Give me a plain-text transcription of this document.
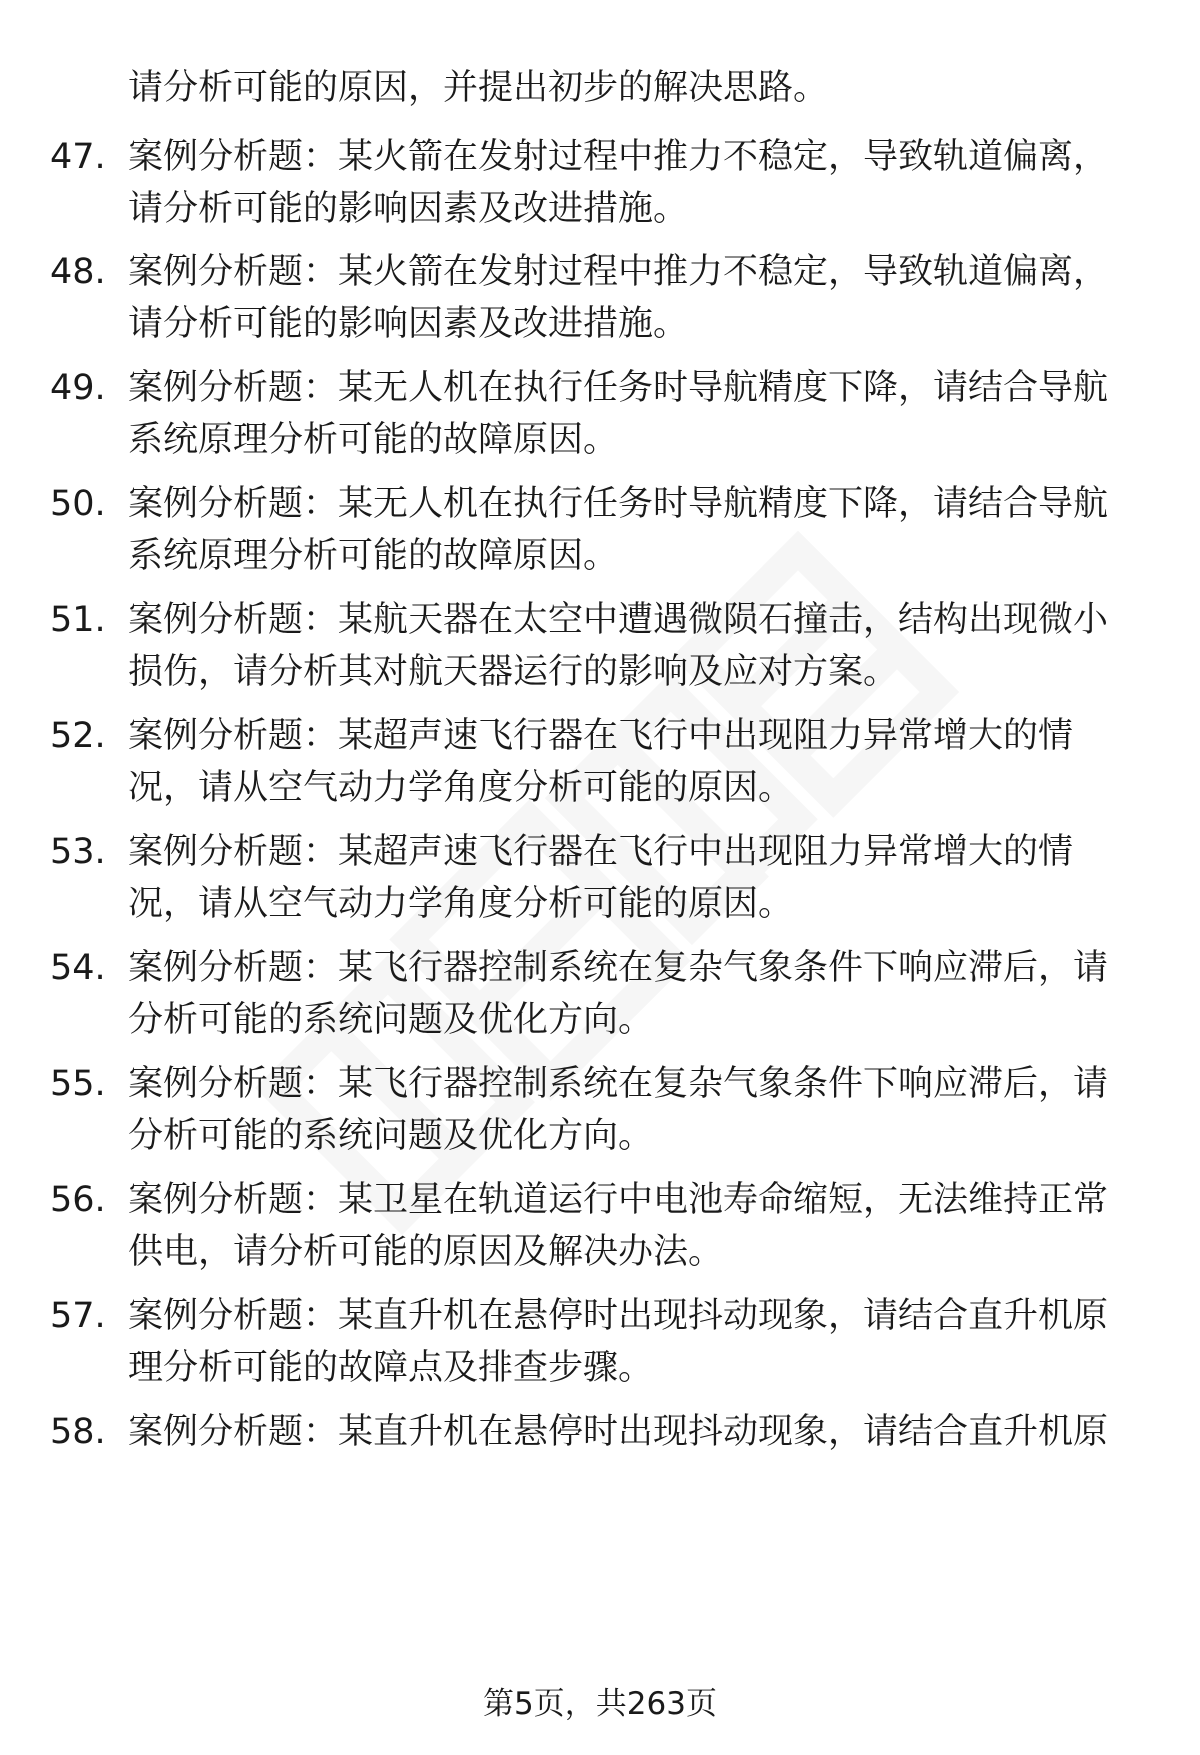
请分析可能的原因，并提出初步的解决思路。
47. 案例分析题：某火箭在发射过程中推力不稳定，导致轨道偏离，
请分析可能的影响因素及改进措施。
48. 案例分析题：某火箭在发射过程中推力不稳定，导致轨道偏离，
请分析可能的影响因素及改进措施。
49. 案例分析题：某无人机在执行任务时导航精度下降，请结合导航
系统原理分析可能的故障原因。
50. 案例分析题：某无人机在执行任务时导航精度下降，请结合导航
系统原理分析可能的故障原因。
51. 案例分析题：某航天器在太空中遭遇微陨石撞击，结构出现微小
损伤，请分析其对航天器运行的影响及应对方案。
52. 案例分析题：某超声速飞行器在飞行中出现阻力异常增大的情
况，请从空气动力学角度分析可能的原因。
53. 案例分析题：某超声速飞行器在飞行中出现阻力异常增大的情
况，请从空气动力学角度分析可能的原因。
54. 案例分析题：某飞行器控制系统在复杂气象条件下响应滞后，请
分析可能的系统问题及优化方向。
55. 案例分析题：某飞行器控制系统在复杂气象条件下响应滞后，请
分析可能的系统问题及优化方向。
56. 案例分析题：某卫星在轨道运行中电池寿命缩短，无法维持正常
供电，请分析可能的原因及解决办法。
57. 案例分析题：某直升机在悬停时出现抖动现象，请结合直升机原
理分析可能的故障点及排查步骤。
58. 案例分析题：某直升机在悬停时出现抖动现象，请结合直升机原
第5页，共263页
